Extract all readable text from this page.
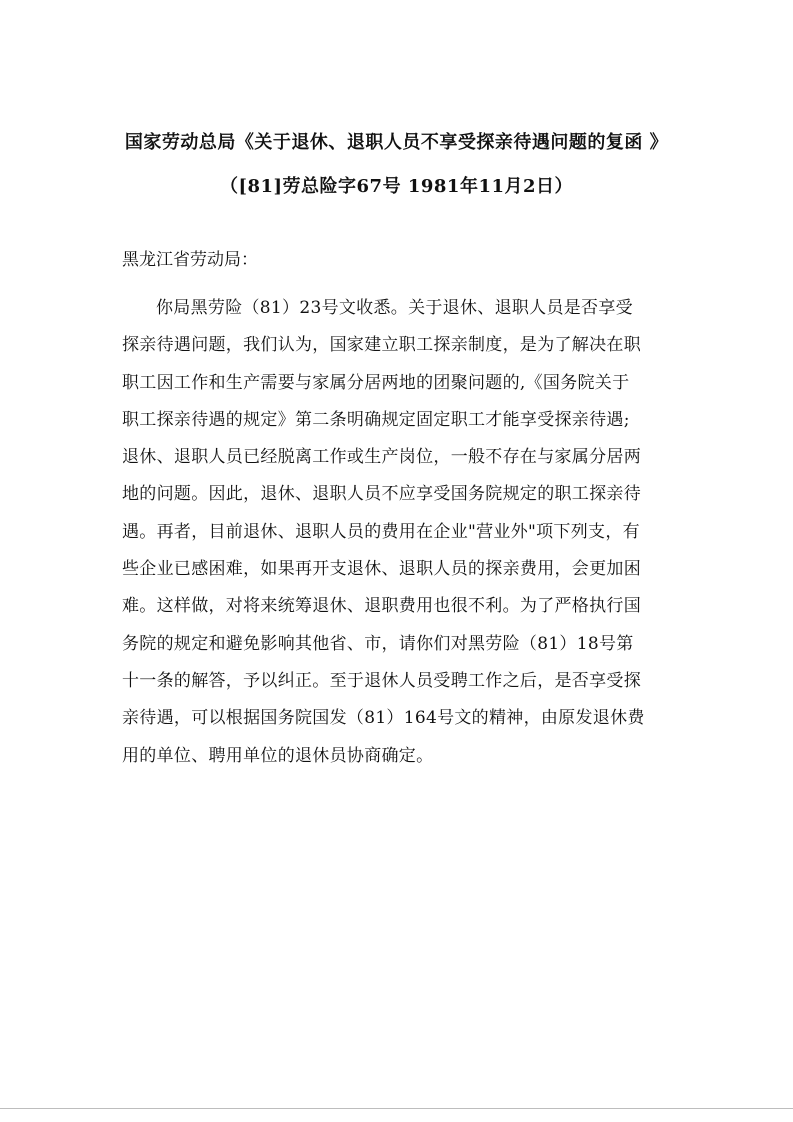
国家劳动总局《关于退休、退职人员不享受探亲待遇问题的复函 》
（[81]劳总险字67号 1981年11月2日）
黑龙江省劳动局：
你局黑劳险（81）23号文收悉。关于退休、退职人员是否享受
探亲待遇问题，我们认为，国家建立职工探亲制度，是为了解决在职
职工因工作和生产需要与家属分居两地的团聚问题的,《国务院关于
职工探亲待遇的规定》第二条明确规定固定职工才能享受探亲待遇;
退休、退职人员已经脱离工作或生产岗位，一般不存在与家属分居两
地的问题。因此，退休、退职人员不应享受国务院规定的职工探亲待
遇。再者，目前退休、退职人员的费用在企业"营业外"项下列支，有
些企业已感困难，如果再开支退休、退职人员的探亲费用，会更加困
难。这样做，对将来统筹退休、退职费用也很不利。为了严格执行国
务院的规定和避免影响其他省、市，请你们对黑劳险（81）18号第
十一条的解答，予以纠正。至于退休人员受聘工作之后，是否享受探
亲待遇，可以根据国务院国发（81）164号文的精神，由原发退休费
用的单位、聘用单位的退休员协商确定。
